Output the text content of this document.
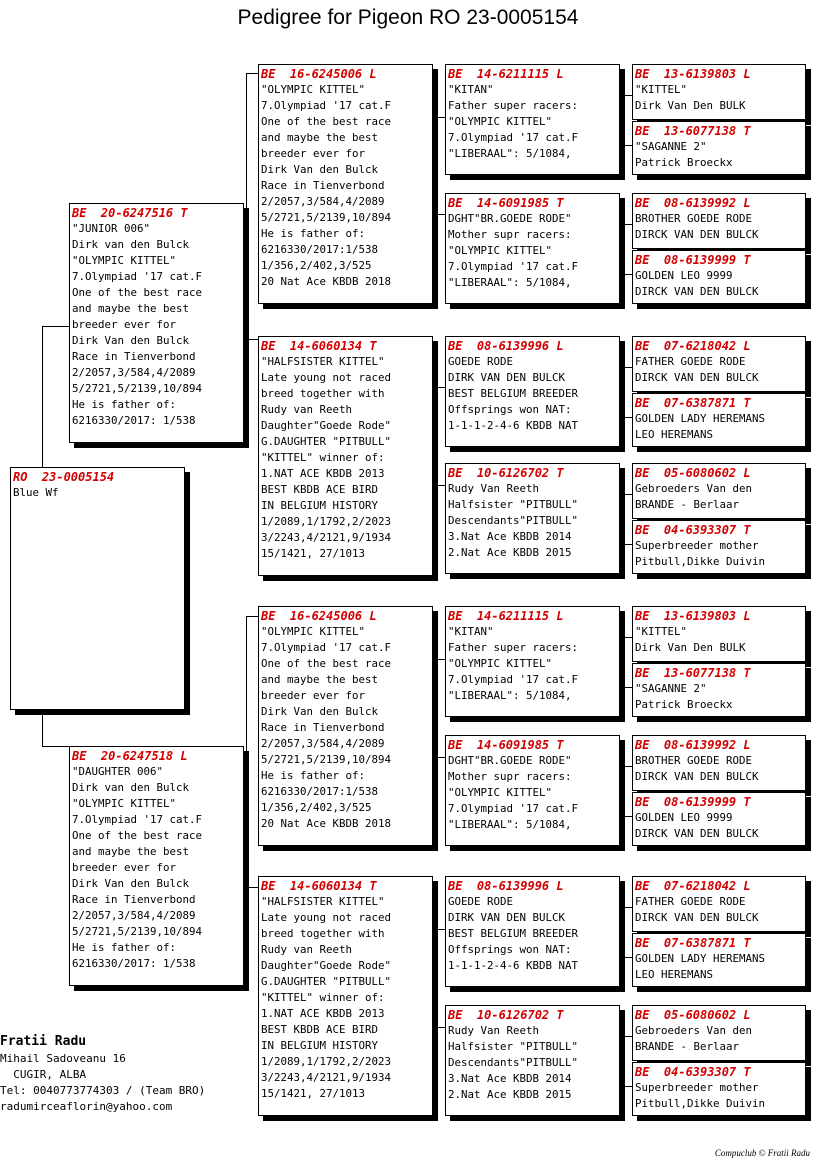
Pedigree for Pigeon RO 23-0005154
RO  23-0005154
Blue Wf
BE  20-6247516 T
"JUNIOR 006"
Dirk van den Bulck
"OLYMPIC KITTEL"
7.Olympiad '17 cat.F
One of the best race
and maybe the best
breeder ever for
Dirk Van den Bulck
Race in Tienverbond
2/2057,3/584,4/2089
5/2721,5/2139,10/894
He is father of:
6216330/2017: 1/538
BE  20-6247518 L
"DAUGHTER 006"
Dirk van den Bulck
"OLYMPIC KITTEL"
7.Olympiad '17 cat.F
One of the best race
and maybe the best
breeder ever for
Dirk Van den Bulck
Race in Tienverbond
2/2057,3/584,4/2089
5/2721,5/2139,10/894
He is father of:
6216330/2017: 1/538
BE  16-6245006 L
"OLYMPIC KITTEL"
7.Olympiad '17 cat.F
One of the best race
and maybe the best
breeder ever for
Dirk Van den Bulck
Race in Tienverbond
2/2057,3/584,4/2089
5/2721,5/2139,10/894
He is father of:
6216330/2017:1/538
1/356,2/402,3/525
20 Nat Ace KBDB 2018
BE  14-6060134 T
"HALFSISTER KITTEL"
Late young not raced
breed together with
Rudy van Reeth
Daughter"Goede Rode"
G.DAUGHTER "PITBULL"
"KITTEL" winner of:
1.NAT ACE KBDB 2013
BEST KBDB ACE BIRD
IN BELGIUM HISTORY
1/2089,1/1792,2/2023
3/2243,4/2121,9/1934
15/1421, 27/1013
BE  16-6245006 L
"OLYMPIC KITTEL"
7.Olympiad '17 cat.F
One of the best race
and maybe the best
breeder ever for
Dirk Van den Bulck
Race in Tienverbond
2/2057,3/584,4/2089
5/2721,5/2139,10/894
He is father of:
6216330/2017:1/538
1/356,2/402,3/525
20 Nat Ace KBDB 2018
BE  14-6060134 T
"HALFSISTER KITTEL"
Late young not raced
breed together with
Rudy van Reeth
Daughter"Goede Rode"
G.DAUGHTER "PITBULL"
"KITTEL" winner of:
1.NAT ACE KBDB 2013
BEST KBDB ACE BIRD
IN BELGIUM HISTORY
1/2089,1/1792,2/2023
3/2243,4/2121,9/1934
15/1421, 27/1013
BE  14-6211115 L
"KITAN"
Father super racers:
"OLYMPIC KITTEL"
7.Olympiad '17 cat.F
"LIBERAAL": 5/1084,
BE  14-6091985 T
DGHT"BR.GOEDE RODE"
Mother supr racers:
"OLYMPIC KITTEL"
7.Olympiad '17 cat.F
"LIBERAAL": 5/1084,
BE  08-6139996 L
GOEDE RODE
DIRK VAN DEN BULCK
BEST BELGIUM BREEDER
Offsprings won NAT:
1-1-1-2-4-6 KBDB NAT
BE  10-6126702 T
Rudy Van Reeth
Halfsister "PITBULL"
Descendants"PITBULL"
3.Nat Ace KBDB 2014
2.Nat Ace KBDB 2015
BE  14-6211115 L
"KITAN"
Father super racers:
"OLYMPIC KITTEL"
7.Olympiad '17 cat.F
"LIBERAAL": 5/1084,
BE  14-6091985 T
DGHT"BR.GOEDE RODE"
Mother supr racers:
"OLYMPIC KITTEL"
7.Olympiad '17 cat.F
"LIBERAAL": 5/1084,
BE  08-6139996 L
GOEDE RODE
DIRK VAN DEN BULCK
BEST BELGIUM BREEDER
Offsprings won NAT:
1-1-1-2-4-6 KBDB NAT
BE  10-6126702 T
Rudy Van Reeth
Halfsister "PITBULL"
Descendants"PITBULL"
3.Nat Ace KBDB 2014
2.Nat Ace KBDB 2015
BE  13-6139803 L
"KITTEL"
Dirk Van Den BULK
BE  13-6077138 T
"SAGANNE 2"
Patrick Broeckx
BE  08-6139992 L
BROTHER GOEDE RODE
DIRCK VAN DEN BULCK
BE  08-6139999 T
GOLDEN LEO 9999
DIRCK VAN DEN BULCK
BE  07-6218042 L
FATHER GOEDE RODE
DIRCK VAN DEN BULCK
BE  07-6387871 T
GOLDEN LADY HEREMANS
LEO HEREMANS
BE  05-6080602 L
Gebroeders Van den
BRANDE - Berlaar
BE  04-6393307 T
Superbreeder mother
Pitbull,Dikke Duivin
BE  13-6139803 L
"KITTEL"
Dirk Van Den BULK
BE  13-6077138 T
"SAGANNE 2"
Patrick Broeckx
BE  08-6139992 L
BROTHER GOEDE RODE
DIRCK VAN DEN BULCK
BE  08-6139999 T
GOLDEN LEO 9999
DIRCK VAN DEN BULCK
BE  07-6218042 L
FATHER GOEDE RODE
DIRCK VAN DEN BULCK
BE  07-6387871 T
GOLDEN LADY HEREMANS
LEO HEREMANS
BE  05-6080602 L
Gebroeders Van den
BRANDE - Berlaar
BE  04-6393307 T
Superbreeder mother
Pitbull,Dikke Duivin
Fratii Radu
Mihail Sadoveanu 16
CUGIR, ALBA
Tel: 0040773774303 / (Team BRO)
radumirceaflorin@yahoo.com
Compuclub © Fratii Radu
